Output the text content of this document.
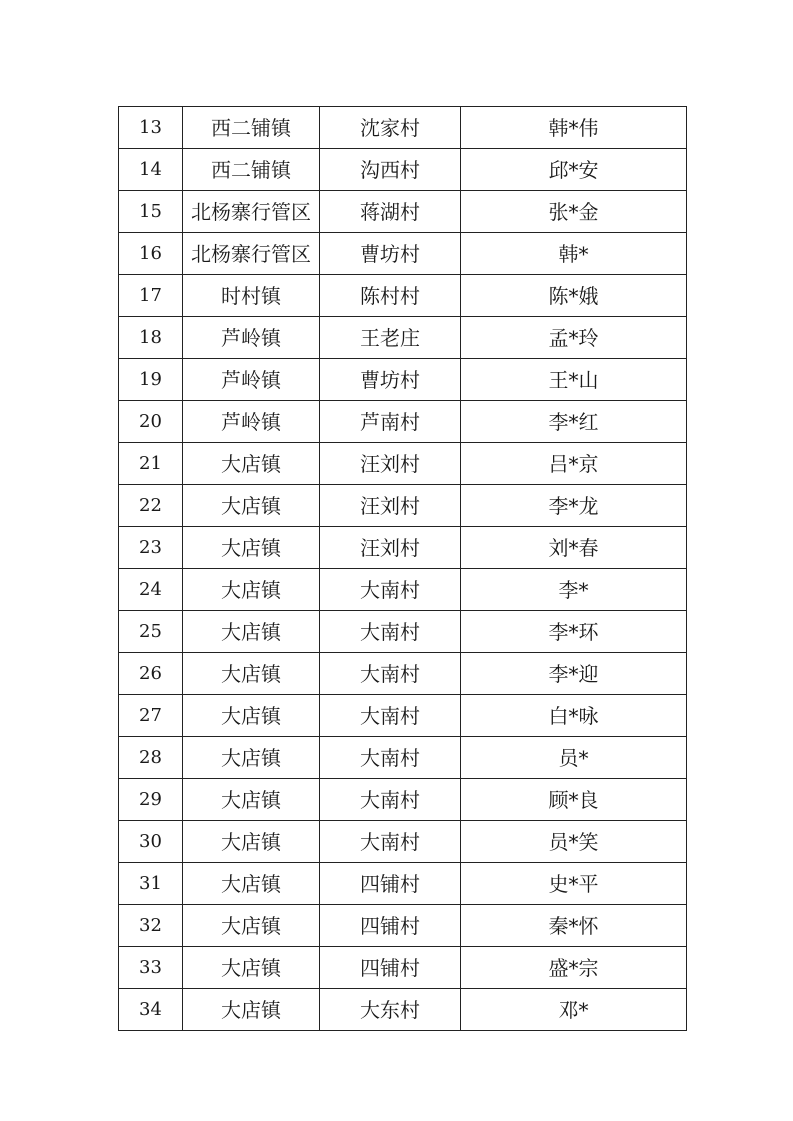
13	西二铺镇	沈家村	韩*伟
14	西二铺镇	沟西村	邱*安
15	北杨寨行管区	蒋湖村	张*金
16	北杨寨行管区	曹坊村	韩*
17	时村镇	陈村村	陈*娥
18	芦岭镇	王老庄	孟*玲
19	芦岭镇	曹坊村	王*山
20	芦岭镇	芦南村	李*红
21	大店镇	汪刘村	吕*京
22	大店镇	汪刘村	李*龙
23	大店镇	汪刘村	刘*春
24	大店镇	大南村	李*
25	大店镇	大南村	李*环
26	大店镇	大南村	李*迎
27	大店镇	大南村	白*咏
28	大店镇	大南村	员*
29	大店镇	大南村	顾*良
30	大店镇	大南村	员*笑
31	大店镇	四铺村	史*平
32	大店镇	四铺村	秦*怀
33	大店镇	四铺村	盛*宗
34	大店镇	大东村	邓*
